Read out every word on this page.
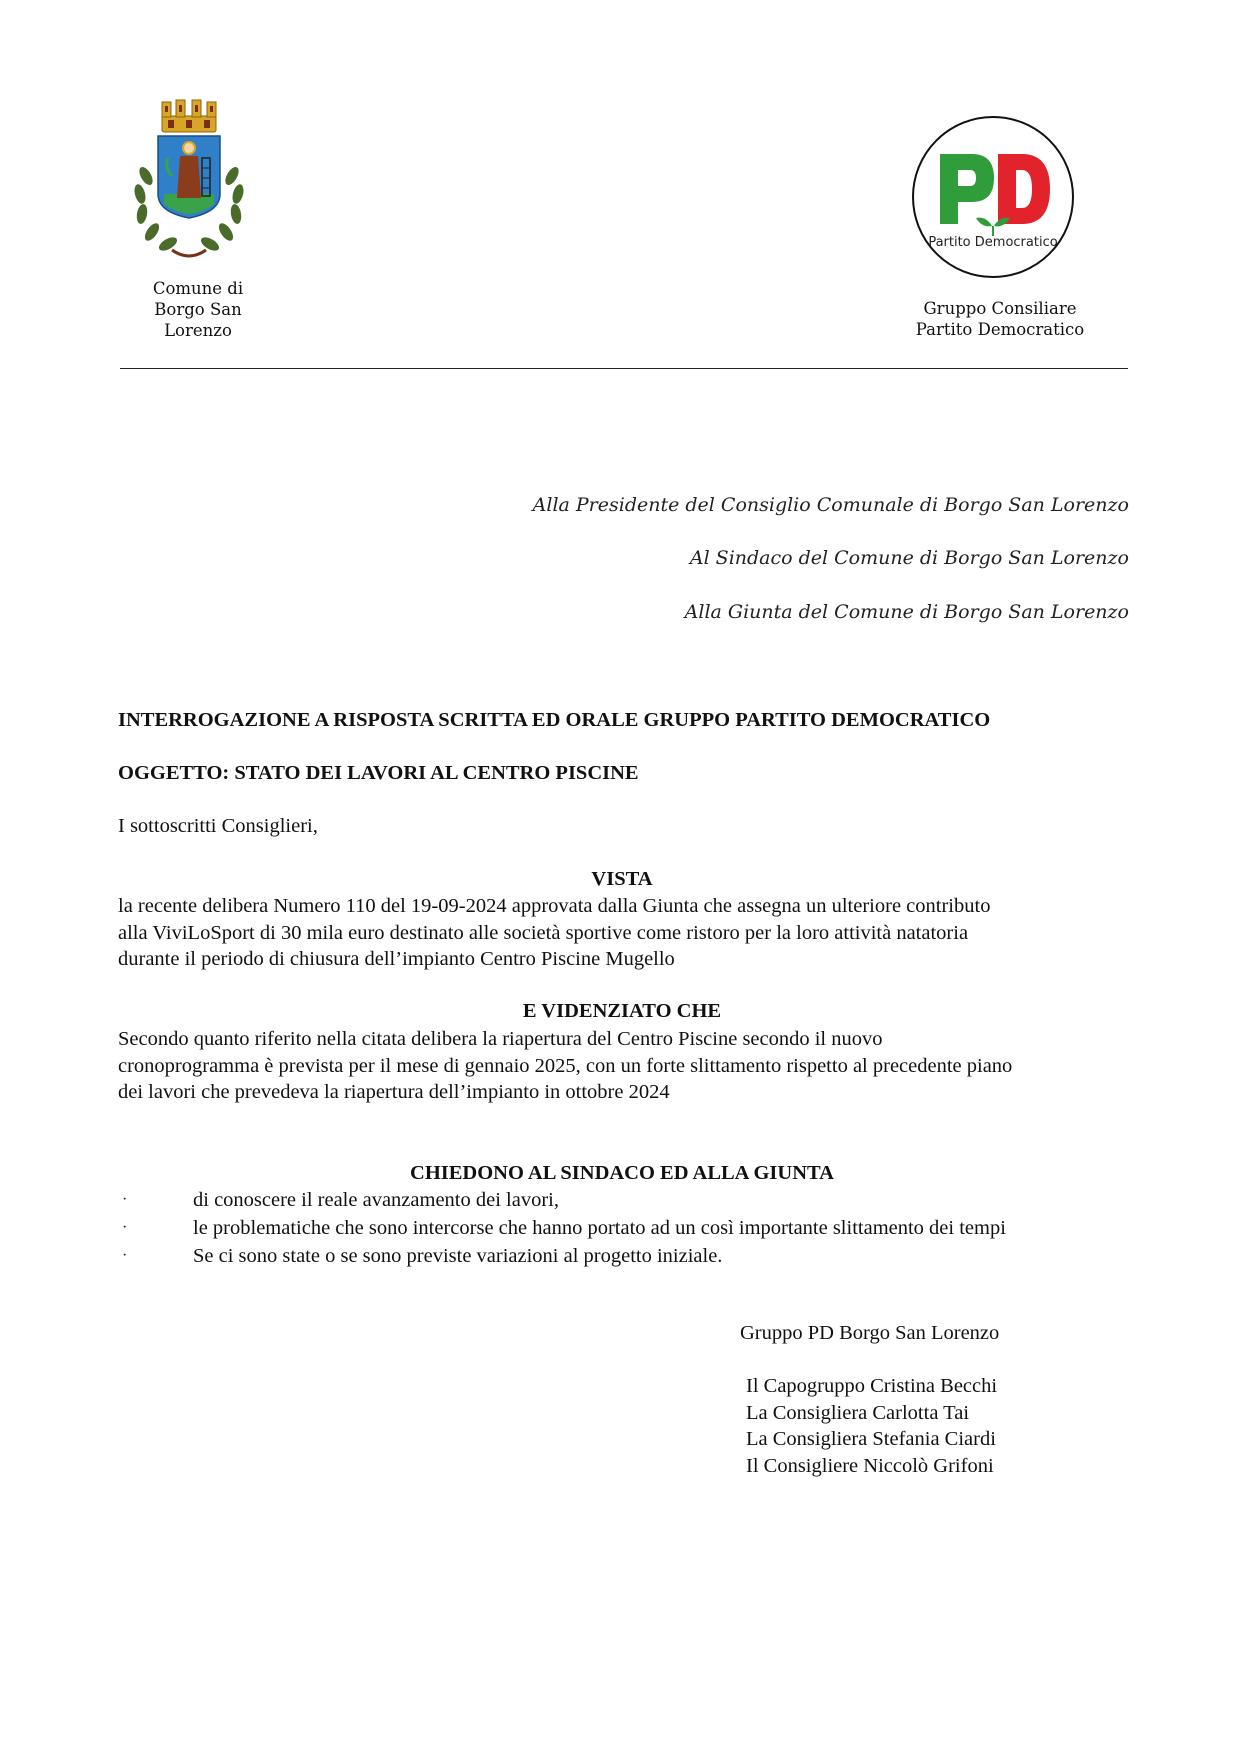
Comune di
Borgo San Lorenzo
Partito Democratico
Gruppo Consiliare
Partito Democratico
Alla Presidente del Consiglio Comunale di Borgo San Lorenzo
Al Sindaco del Comune di Borgo San Lorenzo
Alla Giunta del Comune di Borgo San Lorenzo
INTERROGAZIONE A RISPOSTA SCRITTA ED ORALE GRUPPO PARTITO DEMOCRATICO
OGGETTO: STATO DEI LAVORI AL CENTRO PISCINE
I sottoscritti Consiglieri,
VISTA

la recente delibera Numero 110 del 19-09-2024 approvata dalla Giunta che assegna un ulteriore contributo

alla ViviLoSport di 30 mila euro destinato alle società sportive come ristoro per la loro attività natatoria

durante il periodo di chiusura dell’impianto Centro Piscine Mugello

E VIDENZIATO CHE

Secondo quanto riferito nella citata delibera la riapertura del Centro Piscine secondo il nuovo

cronoprogramma è prevista per il mese di gennaio 2025, con un forte slittamento rispetto al precedente piano

dei lavori che prevedeva la riapertura dell’impianto in ottobre 2024

CHIEDONO AL SINDACO ED ALLA GIUNTA
·	di conoscere il reale avanzamento dei lavori,
·	le problematiche che sono intercorse che hanno portato ad un così importante slittamento dei tempi
·	Se ci sono state o se sono previste variazioni al progetto iniziale.
Gruppo PD Borgo San Lorenzo

Il Capogruppo Cristina Becchi

La Consigliera Carlotta Tai

La Consigliera Stefania Ciardi

Il Consigliere Niccolò Grifoni
